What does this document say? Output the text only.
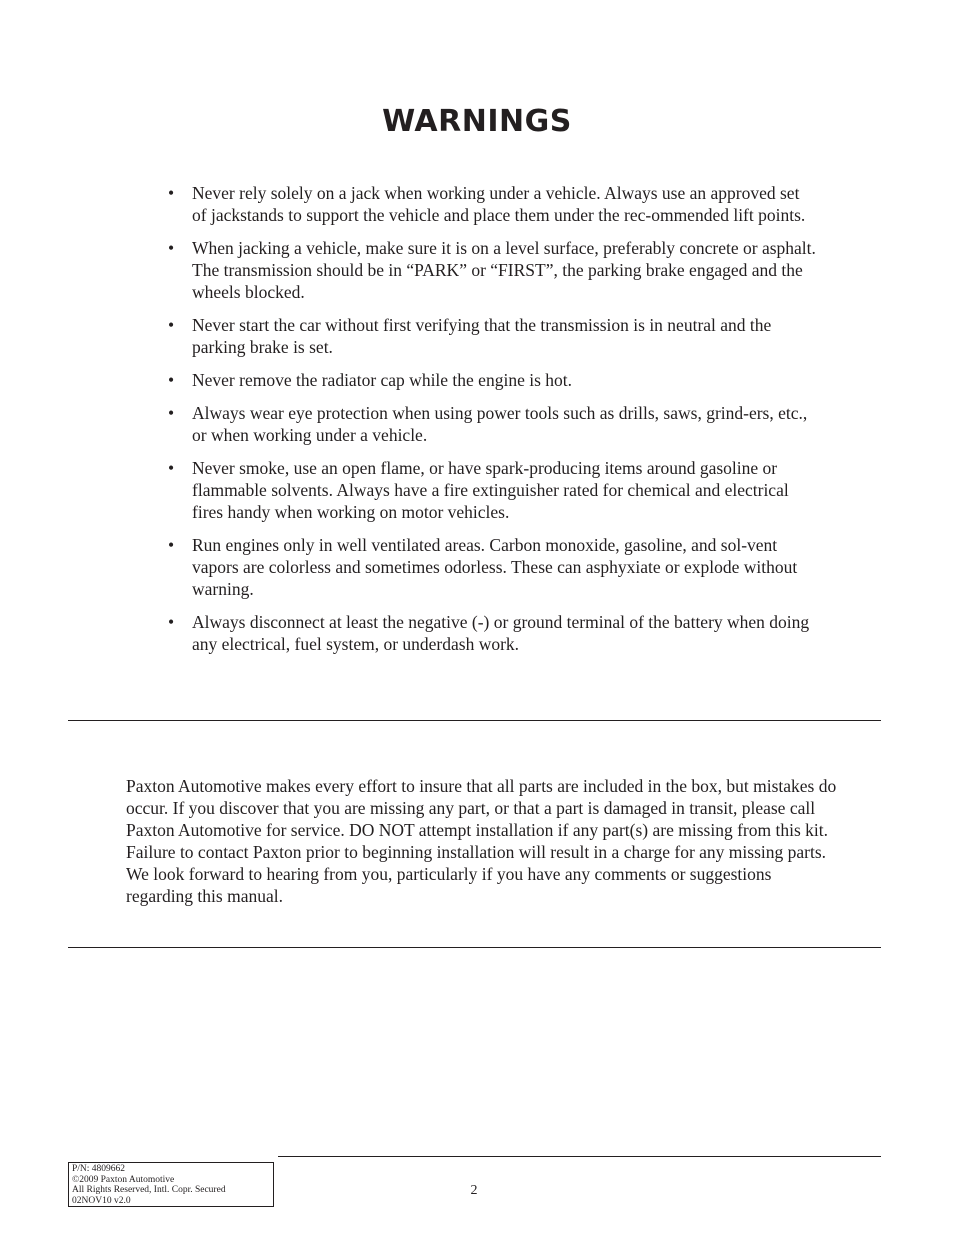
WARNINGS
• Never rely solely on a jack when working under a vehicle. Always use an approved set of jackstands to support the vehicle and place them under the rec-ommended lift points.
• When jacking a vehicle, make sure it is on a level surface, preferably concrete or asphalt. The transmission should be in “PARK” or “FIRST”, the parking brake engaged and the wheels blocked.
• Never start the car without first verifying that the transmission is in neutral and the parking brake is set.
• Never remove the radiator cap while the engine is hot.
• Always wear eye protection when using power tools such as drills, saws, grind-ers, etc., or when working under a vehicle.
• Never smoke, use an open flame, or have spark-producing items around gasoline or flammable solvents. Always have a fire extinguisher rated for chemical and electrical fires handy when working on motor vehicles.
• Run engines only in well ventilated areas. Carbon monoxide, gasoline, and sol-vent vapors are colorless and sometimes odorless. These can asphyxiate or explode without warning.
• Always disconnect at least the negative (-) or ground terminal of the battery when doing any electrical, fuel system, or underdash work.

Paxton Automotive makes every effort to insure that all parts are included in the box, but mistakes do occur. If you discover that you are missing any part, or that a part is damaged in transit, please call Paxton Automotive for service. DO NOT attempt installation if any part(s) are missing from this kit. Failure to contact Paxton prior to beginning installation will result in a charge for any missing parts. We look forward to hearing from you, particularly if you have any comments or suggestions regarding this manual.

P/N: 4809662
©2009 Paxton Automotive
All Rights Reserved, Intl. Copr. Secured
02NOV10 v2.0
2
